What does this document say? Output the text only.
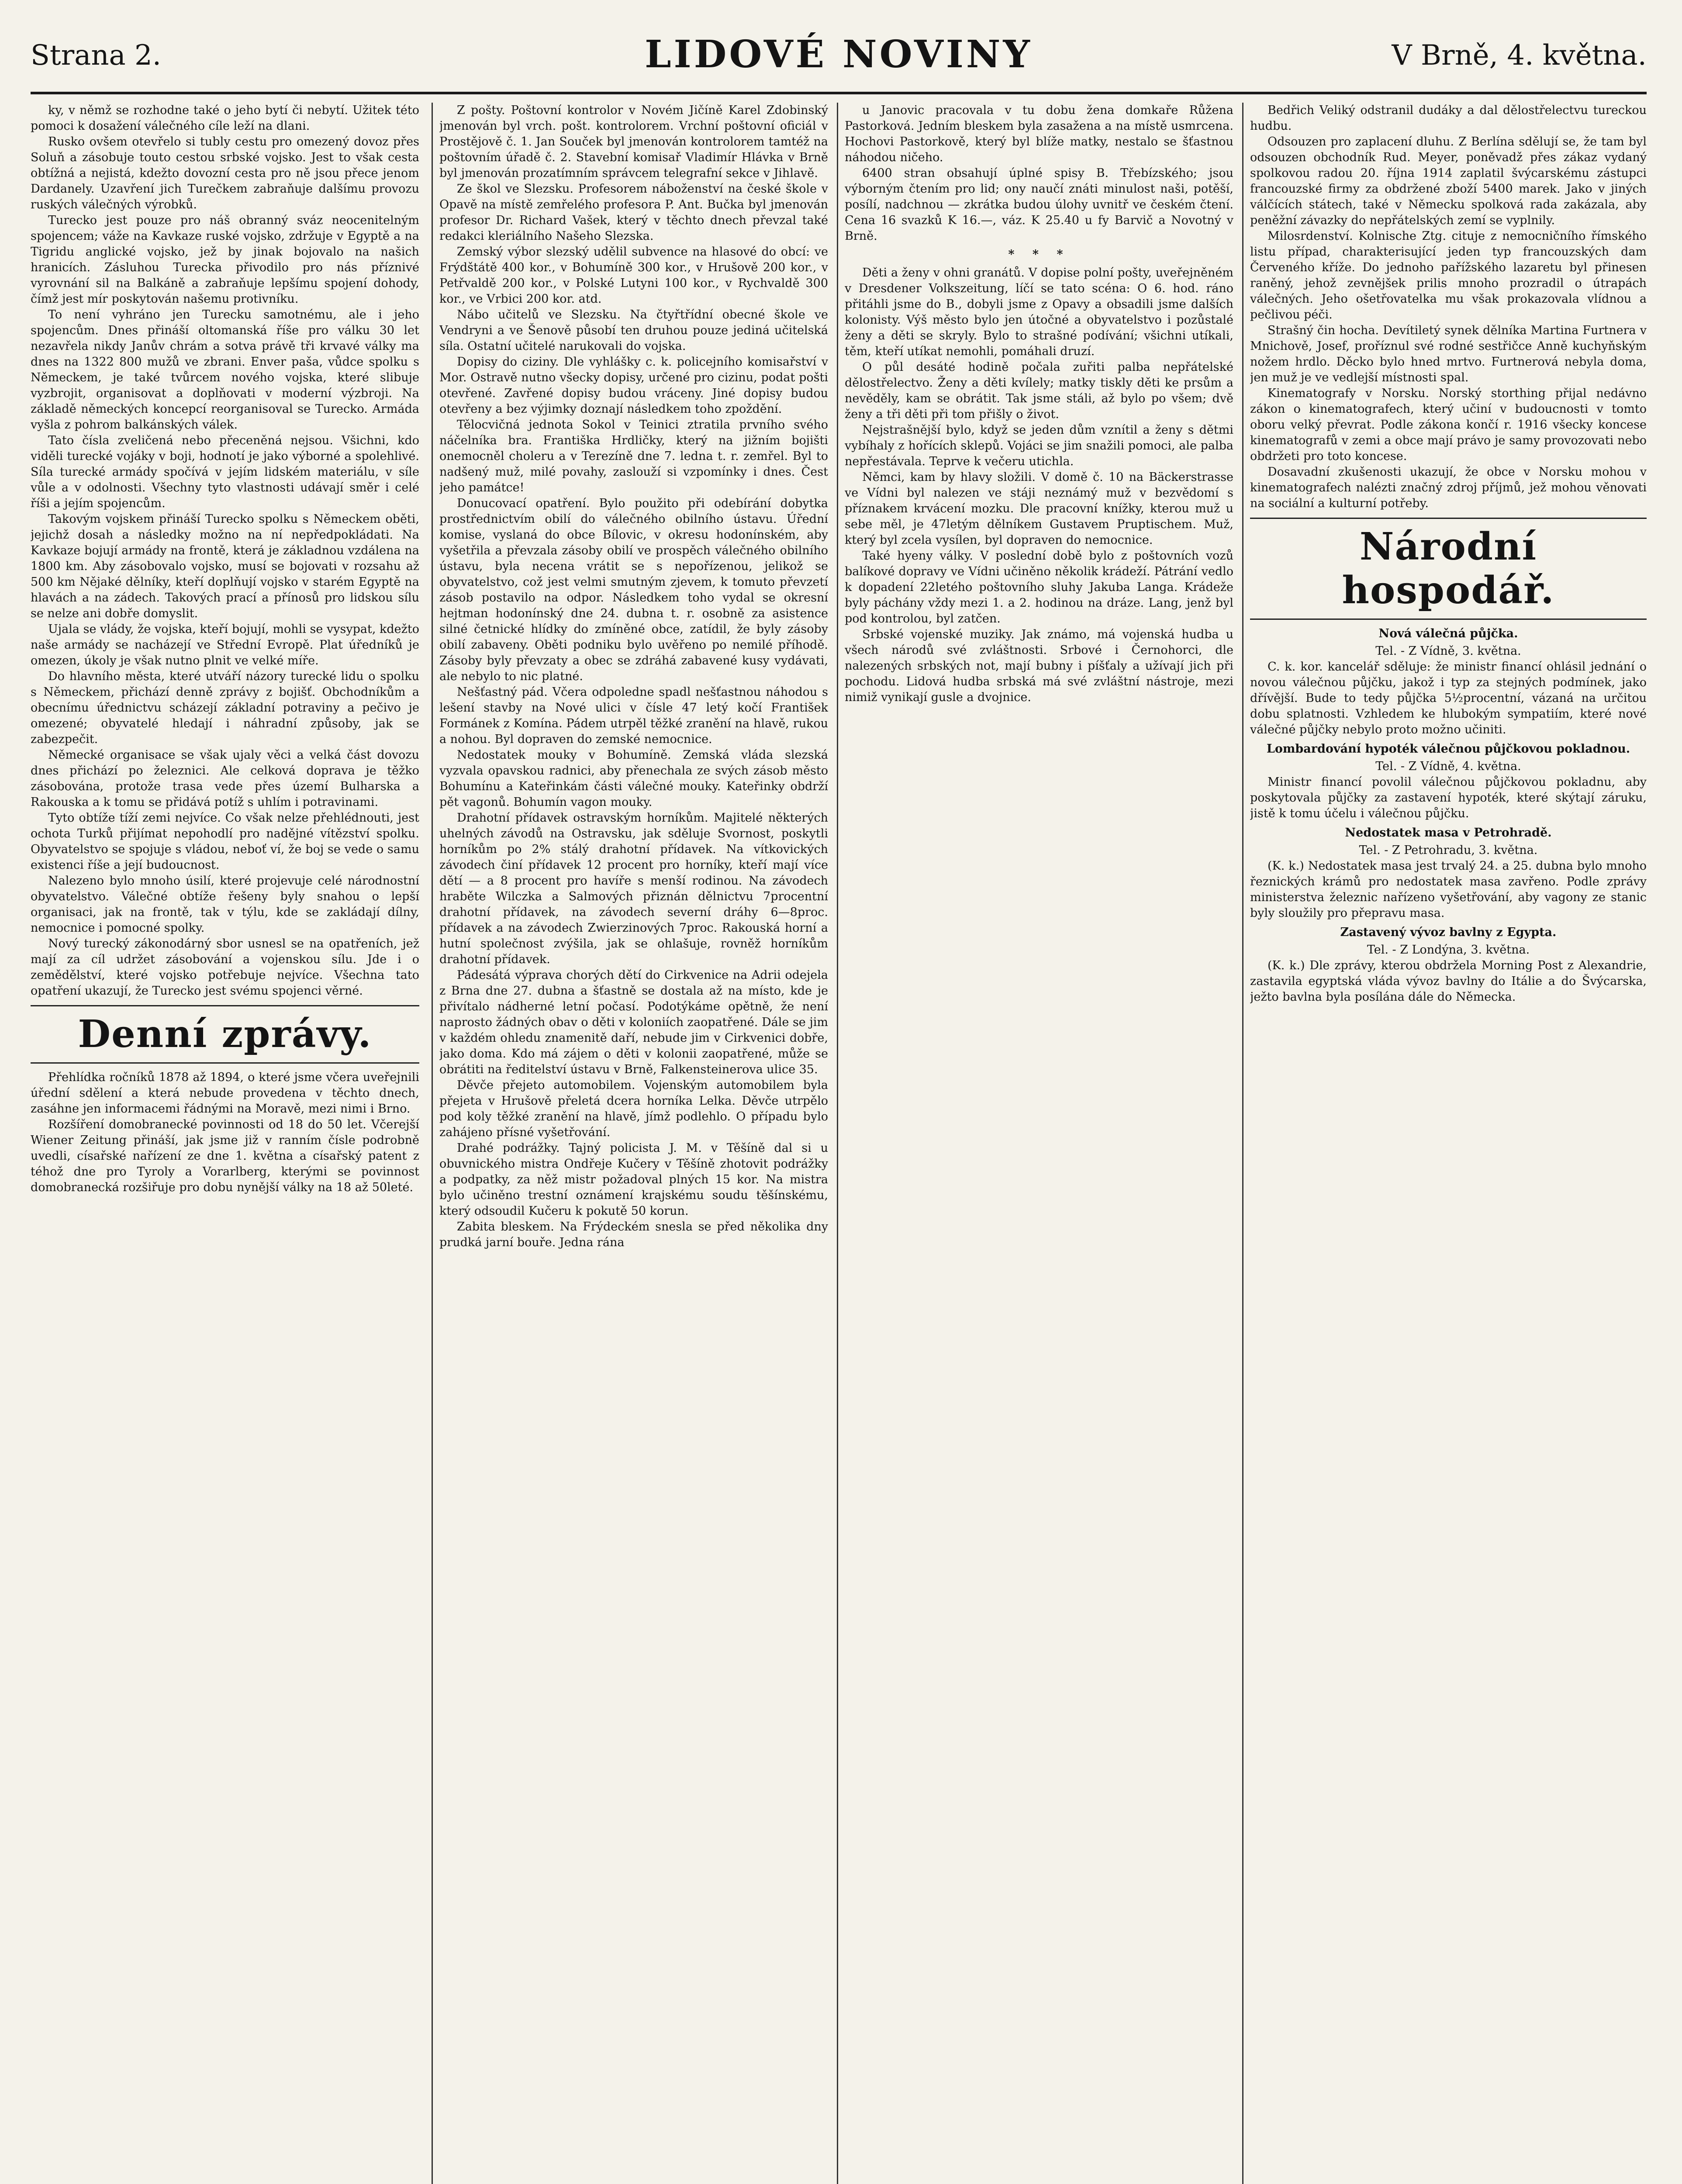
Strana 2.	LIDOVÉ NOVINY	V Brně, 4. května.

ky, v němž se rozhodne také o jeho bytí či nebytí. Užitek této pomoci k dosažení válečného cíle leží na dlani.

Rusko ovšem otevřelo si tubly cestu pro omezený dovoz přes Soluň a zásobuje touto cestou srbské vojsko. Jest to však cesta obtížná a nejistá, kdežto dovozní cesta pro ně jsou přece jenom Dardanely. Uzavření jich Turečkem zabraňuje dalšímu provozu ruských válečných výrobků.

Turecko jest pouze pro náš obranný sváz neocenitelným spojencem; váže na Kavkaze ruské vojsko, zdržuje v Egyptě a na Tigridu anglické vojsko, jež by jinak bojovalo na našich hranicích. Zásluhou Turecka přivodilo pro nás příznivé vyrovnání sil na Balkáně a zabraňuje lepšímu spojení dohody, čímž jest mír poskytován našemu protivníku.

To není vyhráno jen Turecku samotnému, ale i jeho spojencům. Dnes přináší oltomanská říše pro válku 30 let nezavřela nikdy Janův chrám a sotva právě tři krvavé války ma dnes na 1322 800 mužů ve zbrani. Enver paša, vůdce spolku s Německem, je také tvůrcem nového vojska, které slibuje vyzbrojit, organisovat a doplňovati v moderní výzbroji. Na základě německých koncepcí reorganisoval se Turecko. Armáda vyšla z pohrom balkánských válek.

Tato čísla zveličená nebo přeceněná nejsou. Všichni, kdo viděli turecké vojáky v boji, hodnotí je jako výborné a spolehlivé. Síla turecké armády spočívá v jejím lidském materiálu, v síle vůle a v odolnosti. Všechny tyto vlastnosti udávají směr i celé říši a jejím spojencům.

Takovým vojskem přináší Turecko spolku s Německem oběti, jejichž dosah a následky možno na ní nepředpokládati. Na Kavkaze bojují armády na frontě, která je základnou vzdálena na 1800 km. Aby zásobovalo vojsko, musí se bojovati v rozsahu až 500 km Nějaké dělníky, kteří doplňují vojsko v starém Egyptě na hlavách a na zádech. Takových prací a přínosů pro lidskou sílu se nelze ani dobře domyslit.

Ujala se vlády, že vojska, kteří bojují, mohli se vysypat, kdežto naše armády se nacházejí ve Střední Evropě. Plat úředníků je omezen, úkoly je však nutno plnit ve velké míře.

Do hlavního města, které utváří názory turecké lidu o spolku s Německem, přichází denně zprávy z bojišť. Obchodníkům a obecnímu úřednictvu scházejí základní potraviny a pečivo je omezené; obyvatelé hledají i náhradní způsoby, jak se zabezpečit.

Německé organisace se však ujaly věci a velká část dovozu dnes přichází po železnici. Ale celková doprava je těžko zásobována, protože trasa vede přes území Bulharska a Rakouska a k tomu se přidává potíž s uhlím i potravinami.

Tyto obtíže tíží zemi nejvíce. Co však nelze přehlédnouti, jest ochota Turků přijímat nepohodlí pro nadějné vítězství spolku. Obyvatelstvo se spojuje s vládou, neboť ví, že boj se vede o samu existenci říše a její budoucnost.

Nalezeno bylo mnoho úsilí, které projevuje celé národnostní obyvatelstvo. Válečné obtíže řešeny byly snahou o lepší organisaci, jak na frontě, tak v týlu, kde se zakládají dílny, nemocnice i pomocné spolky.

Nový turecký zákonodárný sbor usnesl se na opatřeních, jež mají za cíl udržet zásobování a vojenskou sílu. Jde i o zemědělství, které vojsko potřebuje nejvíce. Všechna tato opatření ukazují, že Turecko jest svému spojenci věrné.

Denní zprávy.

Přehlídka ročníků 1878 až 1894, o které jsme včera uveřejnili úřední sdělení a která nebude provedena v těchto dnech, zasáhne jen informacemi řádnými na Moravě, mezi nimi i Brno.

Rozšíření domobranecké povinnosti od 18 do 50 let. Včerejší Wiener Zeitung přináší, jak jsme již v ranním čísle podrobně uvedli, císařské nařízení ze dne 1. května a císařský patent z téhož dne pro Tyroly a Vorarlberg, kterými se povinnost domobranecká rozšiřuje pro dobu nynější války na 18 až 50leté.

Z pošty. Poštovní kontrolor v Novém Jičíně Karel Zdobinský jmenován byl vrch. pošt. kontrolorem. Vrchní poštovní oficiál v Prostějově č. 1. Jan Souček byl jmenován kontrolorem tamtéž na poštovním úřadě č. 2. Stavební komisař Vladimír Hlávka v Brně byl jmenován prozatímním správcem telegrafní sekce v Jihlavě.

Ze škol ve Slezsku. Profesorem náboženství na české škole v Opavě na místě zemřelého profesora P. Ant. Bučka byl jmenován profesor Dr. Richard Vašek, který v těchto dnech převzal také redakci kleriálního Našeho Slezska.

Zemský výbor slezský udělil subvence na hlasové do obcí: ve Frýdštátě 400 kor., v Bohumíně 300 kor., v Hrušově 200 kor., v Petřvaldě 200 kor., v Polské Lutyni 100 kor., v Rychvaldě 300 kor., ve Vrbici 200 kor. atd.

Nábo učitelů ve Slezsku. Na čtyřtřídní obecné škole ve Vendryni a ve Šenově působí ten druhou pouze jediná učitelská síla. Ostatní učitelé narukovali do vojska.

Dopisy do ciziny. Dle vyhlášky c. k. policejního komisařství v Mor. Ostravě nutno všecky dopisy, určené pro cizinu, podat pošti otevřené. Zavřené dopisy budou vráceny. Jiné dopisy budou otevřeny a bez výjimky doznají následkem toho zpoždění.

Tělocvičná jednota Sokol v Teinici ztratila prvního svého náčelníka bra. Františka Hrdličky, který na jižním bojišti onemocněl choleru a v Terezíně dne 7. ledna t. r. zemřel. Byl to nadšený muž, milé povahy, zaslouží si vzpomínky i dnes. Čest jeho památce!

Donucovací opatření. Bylo použito při odebírání dobytka prostřednictvím obilí do válečného obilního ústavu. Úřední komise, vyslaná do obce Bílovic, v okresu hodonínském, aby vyšetřila a převzala zásoby obilí ve prospěch válečného obilního ústavu, byla necena vrátit se s nepořízenou, jelikož se obyvatelstvo, což jest velmi smutným zjevem, k tomuto převzetí zásob postavilo na odpor. Následkem toho vydal se okresní hejtman hodonínský dne 24. dubna t. r. osobně za asistence silné četnické hlídky do zmíněné obce, zatídil, že byly zásoby obilí zabaveny. Oběti podniku bylo uvěřeno po nemilé příhodě. Zásoby byly převzaty a obec se zdráhá zabavené kusy vydávati, ale nebylo to nic platné.

Nešťastný pád. Včera odpoledne spadl nešťastnou náhodou s lešení stavby na Nové ulici v čísle 47 letý kočí František Formánek z Komína. Pádem utrpěl těžké zranění na hlavě, rukou a nohou. Byl dopraven do zemské nemocnice.

Nedostatek mouky v Bohumíně. Zemská vláda slezská vyzvala opavskou radnici, aby přenechala ze svých zásob město Bohumínu a Kateřinkám části válečné mouky. Kateřinky obdrží pět vagonů. Bohumín vagon mouky.

Drahotní přídavek ostravským horníkům. Majitelé některých uhelných závodů na Ostravsku, jak sděluje Svornost, poskytli horníkům po 2% stálý drahotní přídavek. Na vítkovických závodech činí přídavek 12 procent pro horníky, kteří mají více dětí — a 8 procent pro havíře s menší rodinou. Na závodech hraběte Wilczka a Salmových přiznán dělnictvu 7procentní drahotní přídavek, na závodech severní dráhy 6—8proc. přídavek a na závodech Zwierzinových 7proc. Rakouská horní a hutní společnost zvýšila, jak se ohlašuje, rovněž horníkům drahotní přídavek.

Pádesátá výprava chorých dětí do Cirkvenice na Adrii odejela z Brna dne 27. dubna a šťastně se dostala až na místo, kde je přivítalo nádherné letní počasí. Podotýkáme opětně, že není naprosto žádných obav o děti v koloniích zaopatřené. Dále se jim v každém ohledu znamenitě daří, nebude jim v Cirkvenici dobře, jako doma. Kdo má zájem o děti v kolonii zaopatřené, může se obrátiti na ředitelství ústavu v Brně, Falkensteinerova ulice 35.

Děvče přejeto automobilem. Vojenským automobilem byla přejeta v Hrušově přeletá dcera horníka Lelka. Děvče utrpělo pod koly těžké zranění na hlavě, jímž podlehlo. O případu bylo zahájeno přísné vyšetřování.

Drahé podrážky. Tajný policista J. M. v Těšíně dal si u obuvnického mistra Ondřeje Kučery v Těšíně zhotovit podrážky a podpatky, za něž mistr požadoval plných 15 kor. Na mistra bylo učiněno trestní oznámení krajskému soudu těšínskému, který odsoudil Kučeru k pokutě 50 korun.

Zabita bleskem. Na Frýdeckém snesla se před několika dny prudká jarní bouře. Jedna rána

u Janovic pracovala v tu dobu žena domkaře Růžena Pastorková. Jedním bleskem byla zasažena a na místě usmrcena. Hochovi Pastorkově, který byl blíže matky, nestalo se šťastnou náhodou ničeho.

6400 stran obsahují úplné spisy B. Třebízského; jsou výborným čtením pro lid; ony naučí znáti minulost naši, potěší, posílí, nadchnou — zkrátka budou úlohy uvnitř ve českém čtení. Cena 16 svazků K 16.—, váz. K 25.40 u fy Barvič a Novotný v Brně.

* * *

Děti a ženy v ohni granátů. V dopise polní pošty, uveřejněném v Dresdener Volkszeitung, líčí se tato scéna: O 6. hod. ráno přitáhli jsme do B., dobyli jsme z Opavy a obsadili jsme dalších kolonisty. Výš město bylo jen útočné a obyvatelstvo i pozůstalé ženy a děti se skryly. Bylo to strašné podívání; všichni utíkali, těm, kteří utíkat nemohli, pomáhali druzí.

O půl desáté hodině počala zuřiti palba nepřátelské dělostřelectvo. Ženy a děti kvílely; matky tiskly děti ke prsům a nevěděly, kam se obrátit. Tak jsme stáli, až bylo po všem; dvě ženy a tři děti při tom přišly o život.

Nejstrašnější bylo, když se jeden dům vznítil a ženy s dětmi vybíhaly z hořících sklepů. Vojáci se jim snažili pomoci, ale palba nepřestávala. Teprve k večeru utichla.

Němci, kam by hlavy složili. V domě č. 10 na Bäckerstrasse ve Vídni byl nalezen ve stáji neznámý muž v bezvědomí s příznakem krvácení mozku. Dle pracovní knížky, kterou muž u sebe měl, je 47letým dělníkem Gustavem Pruptischem. Muž, který byl zcela vysílen, byl dopraven do nemocnice.

Také hyeny války. V poslední době bylo z poštovních vozů balíkové dopravy ve Vídni učiněno několik krádeží. Pátrání vedlo k dopadení 22letého poštovního sluhy Jakuba Langa. Krádeže byly páchány vždy mezi 1. a 2. hodinou na dráze. Lang, jenž byl pod kontrolou, byl zatčen.

Srbské vojenské muziky. Jak známo, má vojenská hudba u všech národů své zvláštnosti. Srbové i Černohorci, dle nalezených srbských not, mají bubny i píšťaly a užívají jich při pochodu. Lidová hudba srbská má své zvláštní nástroje, mezi nimiž vynikají gusle a dvojnice.

Bedřich Veliký odstranil dudáky a dal dělostřelectvu tureckou hudbu.

Odsouzen pro zaplacení dluhu. Z Berlína sdělují se, že tam byl odsouzen obchodník Rud. Meyer, poněvadž přes zákaz vydaný spolkovou radou 20. října 1914 zaplatil švýcarskému zástupci francouzské firmy za obdržené zboží 5400 marek. Jako v jiných válčících státech, také v Německu spolková rada zakázala, aby peněžní závazky do nepřátelských zemí se vyplnily.

Milosrdenství. Kolnische Ztg. cituje z nemocničního římského listu případ, charakterisující jeden typ francouzských dam Červeného kříže. Do jednoho pařížského lazaretu byl přinesen raněný, jehož zevnějšek prilis mnoho prozradil o útrapách válečných. Jeho ošetřovatelka mu však prokazovala vlídnou a pečlivou péči.

Strašný čin hocha. Devítiletý synek dělníka Martina Furtnera v Mnichově, Josef, proříznul své rodné sestřičce Anně kuchyňským nožem hrdlo. Děcko bylo hned mrtvo. Furtnerová nebyla doma, jen muž je ve vedlejší místnosti spal.

Kinematografy v Norsku. Norský storthing přijal nedávno zákon o kinematografech, který učiní v budoucnosti v tomto oboru velký převrat. Podle zákona končí r. 1916 všecky koncese kinematografů v zemi a obce mají právo je samy provozovati nebo obdržeti pro toto koncese.

Dosavadní zkušenosti ukazují, že obce v Norsku mohou v kinematografech nalézti značný zdroj příjmů, jež mohou věnovati na sociální a kulturní potřeby.

Národní hospodář.
Nová válečná půjčka.
Tel. - Z Vídně, 3. května.

C. k. kor. kancelář sděluje: že ministr financí ohlásil jednání o novou válečnou půjčku, jakož i typ za stejných podmínek, jako dřívější. Bude to tedy půjčka 5½procentní, vázaná na určitou dobu splatnosti. Vzhledem ke hlubokým sympatiím, které nové válečné půjčky nebylo proto možno učiniti.

Lombardování hypoték válečnou půjčkovou pokladnou.
Tel. - Z Vídně, 4. května.

Ministr financí povolil válečnou půjčkovou pokladnu, aby poskytovala půjčky za zastavení hypoték, které skýtají záruku, jistě k tomu účelu i válečnou půjčku.

Nedostatek masa v Petrohradě.
Tel. - Z Petrohradu, 3. května.

(K. k.) Nedostatek masa jest trvalý 24. a 25. dubna bylo mnoho řeznických krámů pro nedostatek masa zavřeno. Podle zprávy ministerstva železnic nařízeno vyšetřování, aby vagony ze stanic byly sloužily pro přepravu masa.

Zastavený vývoz bavlny z Egypta.
Tel. - Z Londýna, 3. května.

(K. k.) Dle zprávy, kterou obdržela Morning Post z Alexandrie, zastavila egyptská vláda vývoz bavlny do Itálie a do Švýcarska, ježto bavlna byla posílána dále do Německa.
